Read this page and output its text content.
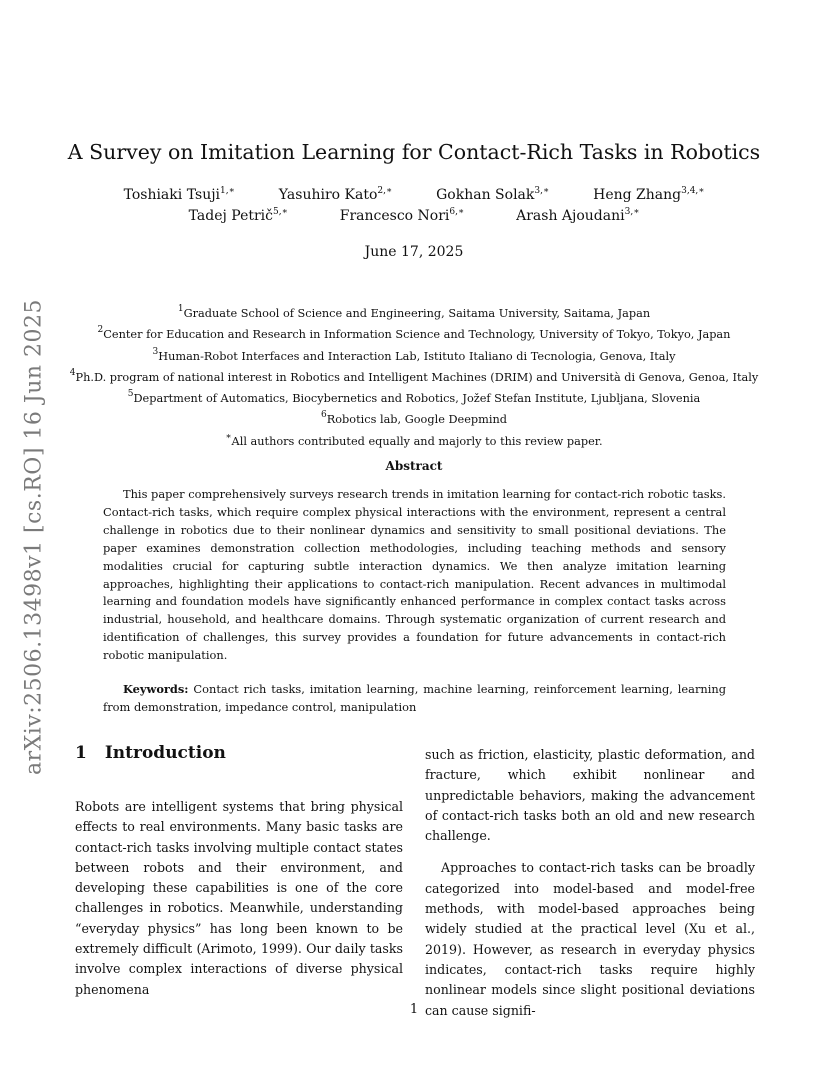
arXiv:2506.13498v1 [cs.RO] 16 Jun 2025
A Survey on Imitation Learning for Contact-Rich Tasks in Robotics
Toshiaki Tsuji$^{1,∗}$	Yasuhiro Kato$^{2,∗}$	Gokhan Solak$^{3,∗}$	Heng Zhang$^{3,4,∗}$
Tadej Petrič$^{5,∗}$	Francesco Nori$^{6,∗}$	Arash Ajoudani$^{3,∗}$
June 17, 2025
$^1$Graduate School of Science and Engineering, Saitama University, Saitama, Japan
$^2$Center for Education and Research in Information Science and Technology, University of Tokyo, Tokyo, Japan
$^3$Human-Robot Interfaces and Interaction Lab, Istituto Italiano di Tecnologia, Genova, Italy
$^4$Ph.D. program of national interest in Robotics and Intelligent Machines (DRIM) and Università di Genova, Genoa, Italy
$^5$Department of Automatics, Biocybernetics and Robotics, Jožef Stefan Institute, Ljubljana, Slovenia
$^6$Robotics lab, Google Deepmind
∗All authors contributed equally and majorly to this review paper.
Abstract
This paper comprehensively surveys research trends in imitation learning for contact-rich robotic tasks. Contact-rich tasks, which require complex physical interactions with the environment, represent a central challenge in robotics due to their nonlinear dynamics and sensitivity to small positional deviations. The paper examines demonstration collection methodologies, including teaching methods and sensory modalities crucial for capturing subtle interaction dynamics. We then analyze imitation learning approaches, highlighting their applications to contact-rich manipulation. Recent advances in multimodal learning and foundation models have significantly enhanced performance in complex contact tasks across industrial, household, and healthcare domains. Through systematic organization of current research and identification of challenges, this survey provides a foundation for future advancements in contact-rich robotic manipulation.
Keywords: Contact rich tasks, imitation learning, machine learning, reinforcement learning, learning from demonstration, impedance control, manipulation
1 Introduction

Robots are intelligent systems that bring physical effects to real environments. Many basic tasks are contact-rich tasks involving multiple contact states between robots and their environment, and developing these capabilities is one of the core challenges in robotics. Meanwhile, understanding “everyday physics” has long been known to be extremely difficult (Arimoto, 1999). Our daily tasks involve complex interactions of diverse physical phenomena

such as friction, elasticity, plastic deformation, and fracture, which exhibit nonlinear and unpredictable behaviors, making the advancement of contact-rich tasks both an old and new research challenge.

Approaches to contact-rich tasks can be broadly categorized into model-based and model-free methods, with model-based approaches being widely studied at the practical level (Xu et al., 2019). However, as research in everyday physics indicates, contact-rich tasks require highly nonlinear models since slight positional deviations can cause signifi-

1
